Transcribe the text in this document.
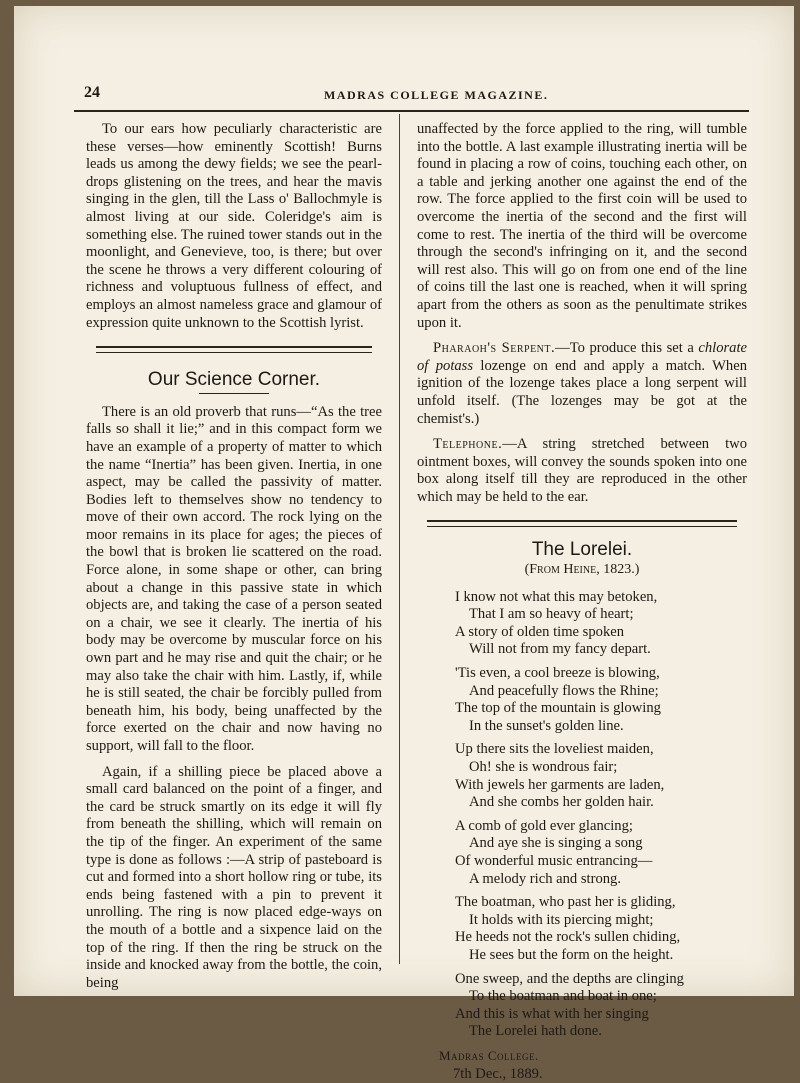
24	MADRAS COLLEGE MAGAZINE.

To our ears how peculiarly characteristic are these verses—how eminently Scottish! Burns leads us among the dewy fields; we see the pearl-drops glistening on the trees, and hear the mavis singing in the glen, till the Lass o' Ballochmyle is almost living at our side. Coleridge's aim is something else. The ruined tower stands out in the moonlight, and Genevieve, too, is there; but over the scene he throws a very different colouring of richness and voluptuous fullness of effect, and employs an almost nameless grace and glamour of expression quite unknown to the Scottish lyrist.

Our Science Corner.

There is an old proverb that runs—“As the tree falls so shall it lie;” and in this compact form we have an example of a property of matter to which the name “Inertia” has been given. Inertia, in one aspect, may be called the passivity of matter. Bodies left to themselves show no tendency to move of their own accord. The rock lying on the moor remains in its place for ages; the pieces of the bowl that is broken lie scattered on the road. Force alone, in some shape or other, can bring about a change in this passive state in which objects are, and taking the case of a person seated on a chair, we see it clearly. The inertia of his body may be overcome by muscular force on his own part and he may rise and quit the chair; or he may also take the chair with him. Lastly, if, while he is still seated, the chair be forcibly pulled from beneath him, his body, being unaffected by the force exerted on the chair and now having no support, will fall to the floor.

Again, if a shilling piece be placed above a small card balanced on the point of a finger, and the card be struck smartly on its edge it will fly from beneath the shilling, which will remain on the tip of the finger. An experiment of the same type is done as follows :—A strip of pasteboard is cut and formed into a short hollow ring or tube, its ends being fastened with a pin to prevent it unrolling. The ring is now placed edge-ways on the mouth of a bottle and a sixpence laid on the top of the ring. If then the ring be struck on the inside and knocked away from the bottle, the coin, being

unaffected by the force applied to the ring, will tumble into the bottle. A last example illustrating inertia will be found in placing a row of coins, touching each other, on a table and jerking another one against the end of the row. The force applied to the first coin will be used to overcome the inertia of the second and the first will come to rest. The inertia of the third will be overcome through the second's infringing on it, and the second will rest also. This will go on from one end of the line of coins till the last one is reached, when it will spring apart from the others as soon as the penultimate strikes upon it.

Pharaoh's Serpent.—To produce this set a chlorate of potass lozenge on end and apply a match. When ignition of the lozenge takes place a long serpent will unfold itself. (The lozenges may be got at the chemist's.)

Telephone.—A string stretched between two ointment boxes, will convey the sounds spoken into one box along itself till they are reproduced in the other which may be held to the ear.

The Lorelei.
(From Heine, 1823.)
I know not what this may betoken,
That I am so heavy of heart;
A story of olden time spoken
Will not from my fancy depart.
'Tis even, a cool breeze is blowing,
And peacefully flows the Rhine;
The top of the mountain is glowing
In the sunset's golden line.
Up there sits the loveliest maiden,
Oh! she is wondrous fair;
With jewels her garments are laden,
And she combs her golden hair.
A comb of gold ever glancing;
And aye she is singing a song
Of wonderful music entrancing—
A melody rich and strong.
The boatman, who past her is gliding,
It holds with its piercing might;
He heeds not the rock's sullen chiding,
He sees but the form on the height.
One sweep, and the depths are clinging
To the boatman and boat in one;
And this is what with her singing
The Lorelei hath done.
Madras College.
7th Dec., 1889.
